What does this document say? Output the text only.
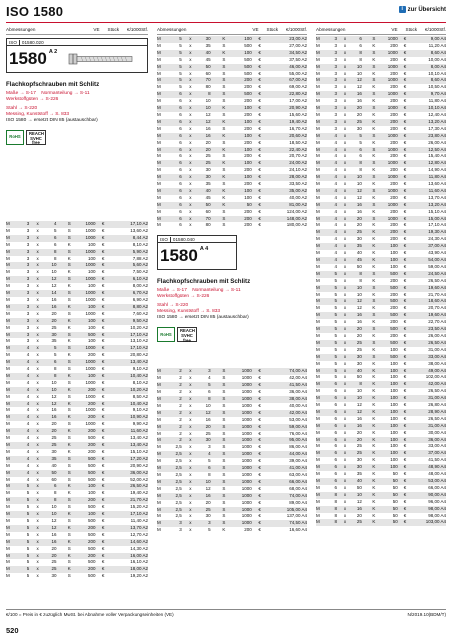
ISO 1580	i zur Übersicht
Abmessungen	VE Stück €/1000Stf.
ISO	01580.020
1580 A 2
Flachkopfschrauben mit Schlitz
Maße → S-17 Normanteilung → S-11
Werkstoffgüten → S-226
Stahl → S-220
Messing, Kunststoff → S. 833
ISO 1580 → ersetzt DIN 85 (austauschbar)
RoHS
REACH SVHC free
M	3	x	4	S	1000	€	17,10 A2
M	3	x	5	S	1000	€	13,60 A2
M	3	x	6	S	1000	€	8,44 A2
M	3	x	6	K	100	€	8,10 A2
M	3	x	8	S	1000	€	5,90 A2
M	3	x	8	K	100	€	7,88 A2
M	3	x	10	S	1000	€	5,60 A2
M	3	x	10	K	100	€	7,50 A2
M	3	x	12	S	1000	€	6,10 A2
M	3	x	12	K	100	€	8,00 A2
M	3	x	14	S	1000	€	6,70 A2
M	3	x	16	S	1000	€	6,90 A2
M	3	x	16	K	100	€	8,80 A2
M	3	x	20	S	1000	€	7,60 A2
M	3	x	20	K	100	€	9,50 A2
M	3	x	25	K	100	€	10,20 A2
M	3	x	30	S	500	€	17,10 A2
M	3	x	35	K	100	€	13,10 A2
M	4	x	5	S	1000	€	17,10 A2
M	4	x	5	K	200	€	20,80 A2
M	4	x	6	S	1000	€	13,40 A2
M	4	x	8	S	1000	€	9,10 A2
M	4	x	8	K	100	€	10,40 A2
M	4	x	10	S	1000	€	8,10 A2
M	4	x	10	K	200	€	10,20 A2
M	4	x	12	S	1000	€	8,50 A2
M	4	x	12	K	200	€	10,40 A2
M	4	x	16	S	1000	€	9,10 A2
M	4	x	16	K	200	€	10,90 A2
M	4	x	20	S	1000	€	9,90 A2
M	4	x	20	K	200	€	11,60 A2
M	4	x	25	S	500	€	13,40 A2
M	4	x	25	K	200	€	13,40 A2
M	4	x	30	K	200	€	15,10 A2
M	4	x	35	S	500	€	17,20 A2
M	4	x	40	S	500	€	20,90 A2
M	4	x	50	S	500	€	36,00 A2
M	4	x	60	S	500	€	52,00 A2
M	5	x	6	K	100	€	26,50 A2
M	5	x	8	K	100	€	19,40 A2
M	5	x	8	S	200	€	21,70 A2
M	5	x	10	S	500	€	15,20 A2
M	5	x	10	K	100	€	17,10 A2
M	5	x	12	S	500	€	11,40 A2
M	5	x	12	K	200	€	13,70 A2
M	5	x	16	S	500	€	12,70 A2
M	5	x	16	K	200	€	14,60 A2
M	5	x	20	S	500	€	14,30 A2
M	5	x	20	K	200	€	16,00 A2
M	5	x	25	S	500	€	16,10 A2
M	5	x	25	K	200	€	18,00 A2
M	5	x	30	S	500	€	19,20 A2
Abmessungen	VE Stück €/1000Stf.
M	5	x	30	K	100	€	23,00 A2
M	5	x	35	S	500	€	27,00 A2
M	5	x	40	K	100	€	34,50 A2
M	5	x	45	S	500	€	37,50 A2
M	5	x	50	S	500	€	46,00 A2
M	5	x	60	S	500	€	55,00 A2
M	5	x	70	S	200	€	67,00 A2
M	5	x	80	S	200	€	69,00 A2
M	6	x	8	S	500	€	22,80 A2
M	6	x	10	S	200	€	17,00 A2
M	6	x	10	K	100	€	20,90 A2
M	6	x	12	S	200	€	15,60 A2
M	6	x	12	K	100	€	19,40 A2
M	6	x	16	S	200	€	16,70 A2
M	6	x	16	K	100	€	20,60 A2
M	6	x	20	S	200	€	18,50 A2
M	6	x	20	K	100	€	22,40 A2
M	6	x	25	S	200	€	20,70 A2
M	6	x	25	K	100	€	24,00 A2
M	6	x	30	S	200	€	24,10 A2
M	6	x	30	K	100	€	28,00 A2
M	6	x	35	S	200	€	33,50 A2
M	6	x	40	K	100	€	35,00 A2
M	6	x	45	K	100	€	40,00 A2
M	6	x	50	K	50	€	81,00 A2
M	6	x	60	S	200	€	124,00 A2
M	6	x	70	S	200	€	148,00 A2
M	6	x	80	S	200	€	180,00 A2
ISO	01580.040
1580 A 4
Flachkopfschrauben mit Schlitz
Maße → S-17 Normanteilung → S-11
Werkstoffgüten → S-226
Stahl → S-220
Messing, Kunststoff → S. 833
ISO 1580 → ersetzt DIN 85 (austauschbar)
RoHS
REACH SVHC free
M	2	x	3	S	1000	€	74,00 A4
M	2	x	4	S	1000	€	42,00 A4
M	2	x	5	S	1000	€	41,50 A4
M	2	x	6	S	1000	€	36,00 A4
M	2	x	8	S	1000	€	38,00 A4
M	2	x	10	S	1000	€	40,00 A4
M	2	x	12	S	1000	€	42,00 A4
M	2	x	16	S	1000	€	53,00 A4
M	2	x	20	S	1000	€	59,00 A4
M	2	x	25	S	1000	€	76,00 A4
M	2	x	30	S	1000	€	95,00 A4
M	2,5	x	3	S	1000	€	86,00 A4
M	2,5	x	4	S	1000	€	44,00 A4
M	2,5	x	5	S	1000	€	39,00 A4
M	2,5	x	6	S	1000	€	41,00 A4
M	2,5	x	8	S	1000	€	63,00 A4
M	2,5	x	10	S	1000	€	66,00 A4
M	2,5	x	12	S	1000	€	68,00 A4
M	2,5	x	16	S	1000	€	74,00 A4
M	2,5	x	20	S	1000	€	89,00 A4
M	2,5	x	25	S	1000	€	105,00 A4
M	2,5	x	30	S	1000	€	137,00 A4
M	3	x	3	S	1000	€	74,50 A4
M	3	x	5	K	200	€	16,60 A4
Abmessungen	VE Stück €/1000Stf.
M	3	x	6	S	1000	€	9,00 A4
M	3	x	6	K	200	€	11,20 A4
M	3	x	8	S	1000	€	8,60 A4
M	3	x	8	K	200	€	10,00 A4
M	3	x	10	S	1000	€	8,00 A4
M	3	x	10	K	200	€	10,10 A4
M	3	x	12	S	1000	€	8,60 A4
M	3	x	12	K	200	€	10,50 A4
M	3	x	16	S	1000	€	9,70 A4
M	3	x	16	K	200	€	11,80 A4
M	3	x	20	S	1000	€	10,10 A4
M	3	x	20	K	200	€	12,40 A4
M	3	x	25	K	200	€	13,20 A4
M	3	x	30	K	200	€	17,30 A4
M	4	x	5	S	1000	€	23,80 A4
M	4	x	5	K	200	€	26,00 A4
M	4	x	6	S	1000	€	12,50 A4
M	4	x	6	K	200	€	15,40 A4
M	4	x	8	S	1000	€	12,80 A4
M	4	x	8	K	200	€	14,90 A4
M	4	x	10	S	1000	€	11,80 A4
M	4	x	10	K	200	€	13,60 A4
M	4	x	12	S	1000	€	11,60 A4
M	4	x	12	K	200	€	13,70 A4
M	4	x	16	S	1000	€	13,20 A4
M	4	x	16	K	200	€	15,10 A4
M	4	x	20	S	1000	€	15,00 A4
M	4	x	20	K	200	€	17,10 A4
M	4	x	25	K	200	€	19,30 A4
M	4	x	30	K	200	€	24,30 A4
M	4	x	35	K	100	€	37,00 A4
M	4	x	40	K	100	€	43,90 A4
M	4	x	45	K	100	€	54,00 A4
M	4	x	50	K	100	€	59,00 A4
M	5	x	8	S	500	€	24,50 A4
M	5	x	8	K	200	€	26,50 A4
M	5	x	10	S	500	€	19,60 A4
M	5	x	10	K	200	€	21,70 A4
M	5	x	12	S	500	€	18,60 A4
M	5	x	12	K	200	€	20,70 A4
M	5	x	16	S	500	€	19,60 A4
M	5	x	16	K	200	€	22,70 A4
M	5	x	20	S	500	€	23,50 A4
M	5	x	20	K	200	€	26,00 A4
M	5	x	25	S	500	€	26,50 A4
M	5	x	25	K	100	€	31,00 A4
M	5	x	30	S	500	€	33,00 A4
M	5	x	30	K	100	€	38,00 A4
M	5	x	40	K	100	€	49,00 A4
M	5	x	50	K	100	€	102,00 A4
M	6	x	8	K	100	€	42,00 A4
M	6	x	10	K	100	€	26,50 A4
M	6	x	10	K	100	€	31,00 A4
M	6	x	12	K	100	€	26,80 A4
M	6	x	12	K	100	€	28,90 A4
M	6	x	16	K	100	€	26,50 A4
M	6	x	16	K	100	€	31,00 A4
M	6	x	20	K	100	€	30,00 A4
M	6	x	20	K	100	€	36,00 A4
M	6	x	25	K	100	€	33,00 A4
M	6	x	25	K	100	€	37,00 A4
M	6	x	30	K	100	€	41,50 A4
M	6	x	30	K	100	€	48,90 A4
M	6	x	35	K	50	€	48,00 A4
M	6	x	40	K	50	€	53,00 A4
M	6	x	50	K	50	€	66,00 A4
M	8	x	10	K	50	€	90,00 A4
M	8	x	12	K	50	€	96,00 A4
M	8	x	16	K	50	€	98,00 A4
M	8	x	20	K	50	€	98,00 A4
M	8	x	25	K	50	€	103,00 A4
€/100 = Preis in € zuzüglich MwSt. bei Abnahme voller Verpackungseinheiten (VE)	N/2019.10(BDM/T)
520
